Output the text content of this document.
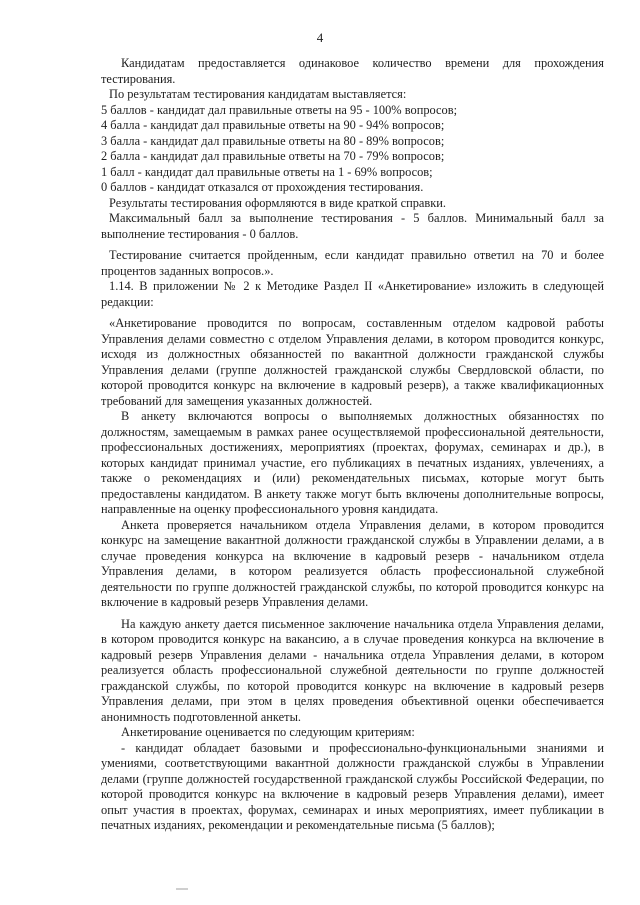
4

Кандидатам предоставляется одинаковое количество времени для прохождения тестирования.

По результатам тестирования кандидатам выставляется:

5 баллов - кандидат дал правильные ответы на 95 - 100% вопросов;

4 балла - кандидат дал правильные ответы на 90 - 94% вопросов;

3 балла - кандидат дал правильные ответы на 80 - 89% вопросов;

2 балла - кандидат дал правильные ответы на 70 - 79% вопросов;

1 балл - кандидат дал правильные ответы на 1 - 69% вопросов;

0 баллов - кандидат отказался от прохождения тестирования.

Результаты тестирования оформляются в виде краткой справки.

Максимальный балл за выполнение тестирования - 5 баллов. Минимальный балл за выполнение тестирования - 0 баллов.

Тестирование считается пройденным, если кандидат правильно ответил на 70 и более процентов заданных вопросов.».

1.14. В приложении № 2 к Методике Раздел II «Анкетирование» изложить в следующей редакции:

«Анкетирование проводится по вопросам, составленным отделом кадровой работы Управления делами совместно с отделом Управления делами, в котором проводится конкурс, исходя из должностных обязанностей по вакантной должности гражданской службы Управления делами (группе должностей гражданской службы Свердловской области, по которой проводится конкурс на включение в кадровый резерв), а также квалификационных требований для замещения указанных должностей.

В анкету включаются вопросы о выполняемых должностных обязанностях по должностям, замещаемым в рамках ранее осуществляемой профессиональной деятельности, профессиональных достижениях, мероприятиях (проектах, форумах, семинарах и др.), в которых кандидат принимал участие, его публикациях в печатных изданиях, увлечениях, а также о рекомендациях и (или) рекомендательных письмах, которые могут быть предоставлены кандидатом. В анкету также могут быть включены дополнительные вопросы, направленные на оценку профессионального уровня кандидата.

Анкета проверяется начальником отдела Управления делами, в котором проводится конкурс на замещение вакантной должности гражданской службы в Управлении делами, а в случае проведения конкурса на включение в кадровый резерв - начальником отдела Управления делами, в котором реализуется область профессиональной служебной деятельности по группе должностей гражданской службы, по которой проводится конкурс на включение в кадровый резерв Управления делами.

На каждую анкету дается письменное заключение начальника отдела Управления делами, в котором проводится конкурс на вакансию, а в случае проведения конкурса на включение в кадровый резерв Управления делами - начальника отдела Управления делами, в котором реализуется область профессиональной служебной деятельности по группе должностей гражданской службы, по которой проводится конкурс на включение в кадровый резерв Управления делами, при этом в целях проведения объективной оценки обеспечивается анонимность подготовленной анкеты.

Анкетирование оценивается по следующим критериям:

- кандидат обладает базовыми и профессионально-функциональными знаниями и умениями, соответствующими вакантной должности гражданской службы в Управлении делами (группе должностей государственной гражданской службы Российской Федерации, по которой проводится конкурс на включение в кадровый резерв Управления делами), имеет опыт участия в проектах, форумах, семинарах и иных мероприятиях, имеет публикации в печатных изданиях, рекомендации и рекомендательные письма (5 баллов);
